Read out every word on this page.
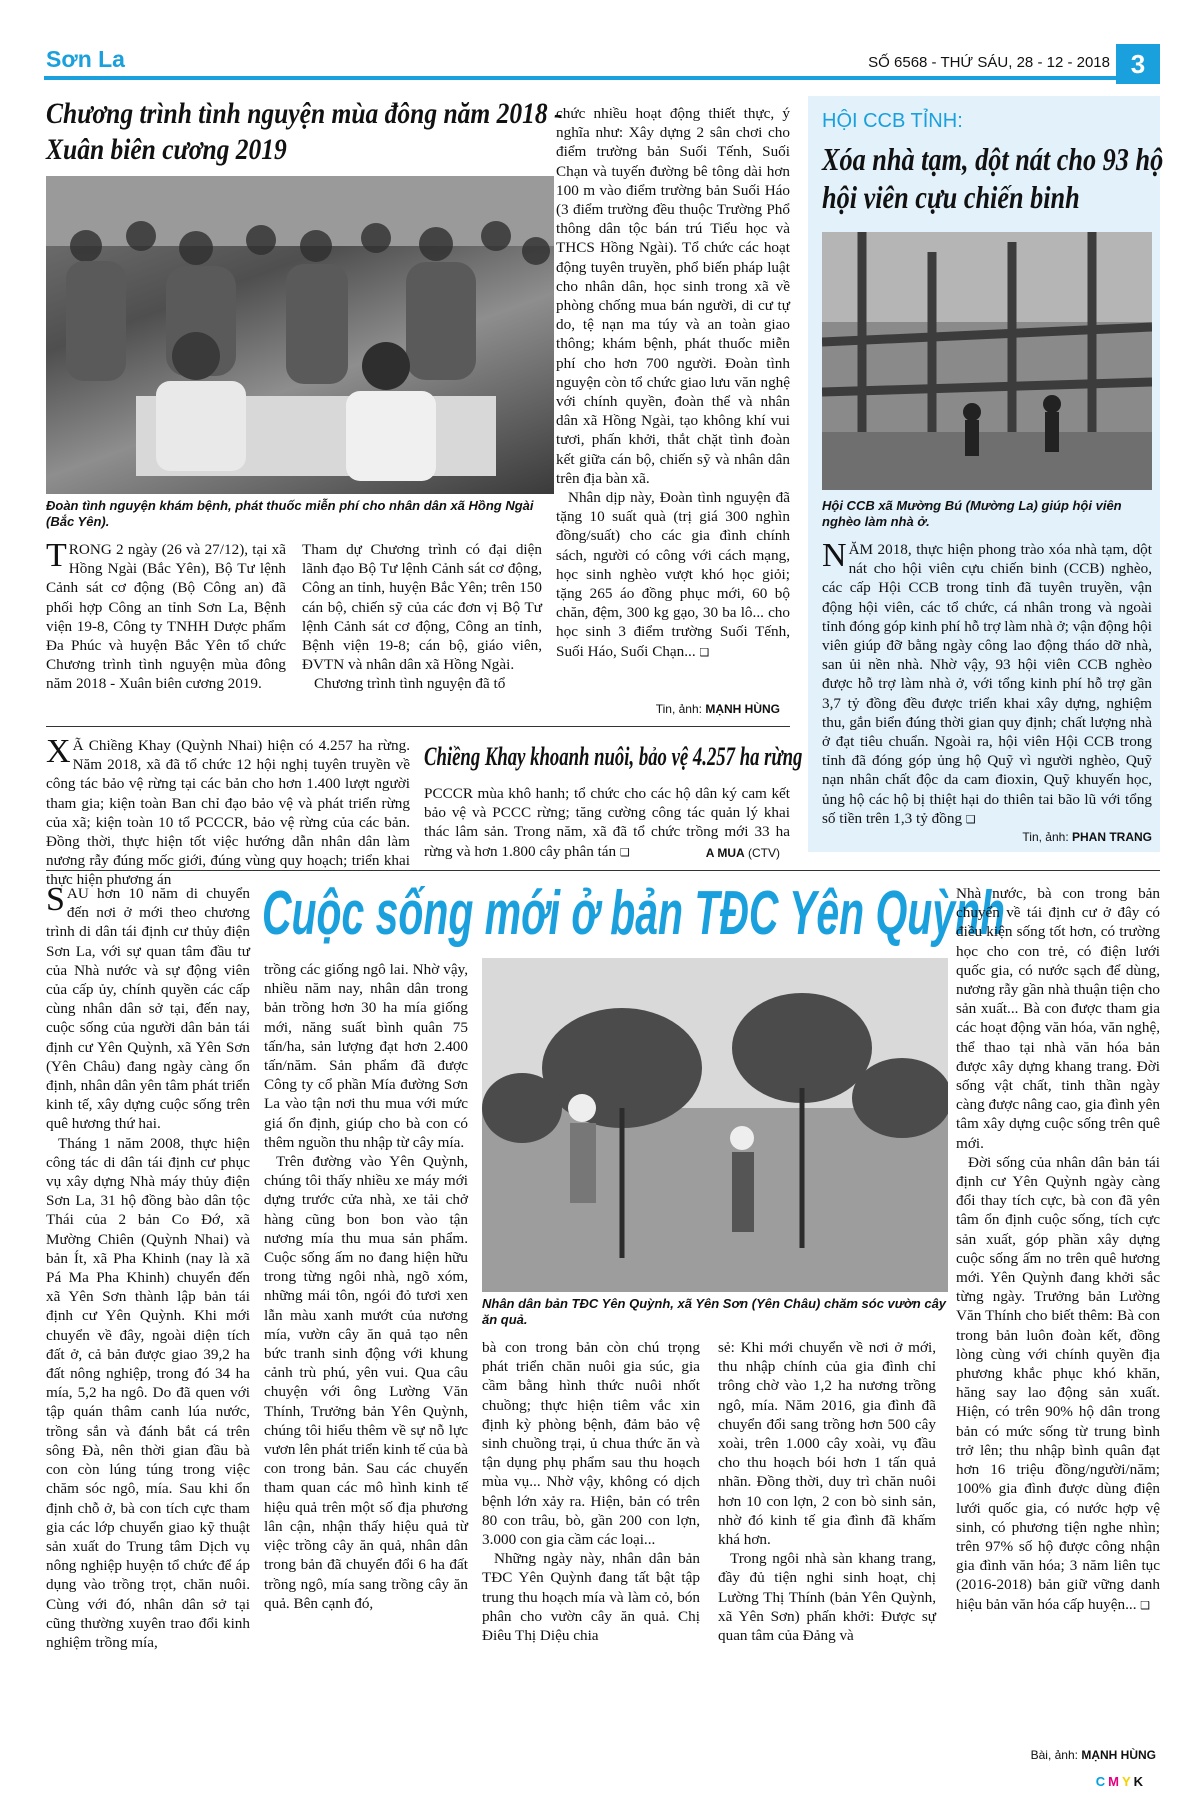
Sơn La	SỐ 6568 - THỨ SÁU, 28 - 12 - 2018 3
Chương trình tình nguyện mùa đông năm 2018 -
Xuân biên cương 2019
Đoàn tình nguyện khám bệnh, phát thuốc miễn phí cho nhân dân xã Hồng Ngài (Bắc Yên).

TRONG 2 ngày (26 và 27/12), tại xã Hồng Ngài (Bắc Yên), Bộ Tư lệnh Cảnh sát cơ động (Bộ Công an) đã phối hợp Công an tỉnh Sơn La, Bệnh viện 19-8, Công ty TNHH Dược phẩm Đa Phúc và huyện Bắc Yên tổ chức Chương trình tình nguyện mùa đông năm 2018 - Xuân biên cương 2019.

Tham dự Chương trình có đại diện lãnh đạo Bộ Tư lệnh Cảnh sát cơ động, Công an tỉnh, huyện Bắc Yên; trên 150 cán bộ, chiến sỹ của các đơn vị Bộ Tư lệnh Cảnh sát cơ động, Công an tỉnh, Bệnh viện 19-8; cán bộ, giáo viên, ĐVTN và nhân dân xã Hồng Ngài.

Chương trình tình nguyện đã tổ

chức nhiều hoạt động thiết thực, ý nghĩa như: Xây dựng 2 sân chơi cho điểm trường bản Suối Tếnh, Suối Chạn và tuyến đường bê tông dài hơn 100 m vào điểm trường bản Suối Háo (3 điểm trường đều thuộc Trường Phổ thông dân tộc bán trú Tiểu học và THCS Hồng Ngài). Tổ chức các hoạt động tuyên truyền, phổ biến pháp luật cho nhân dân, học sinh trong xã về phòng chống mua bán người, di cư tự do, tệ nạn ma túy và an toàn giao thông; khám bệnh, phát thuốc miễn phí cho hơn 700 người. Đoàn tình nguyện còn tổ chức giao lưu văn nghệ với chính quyền, đoàn thể và nhân dân xã Hồng Ngài, tạo không khí vui tươi, phấn khởi, thắt chặt tình đoàn kết giữa cán bộ, chiến sỹ và nhân dân trên địa bàn xã.

Nhân dịp này, Đoàn tình nguyện đã tặng 10 suất quà (trị giá 300 nghìn đồng/suất) cho các gia đình chính sách, người có công với cách mạng, học sinh nghèo vượt khó học giỏi; tặng 265 áo đồng phục mới, 60 bộ chăn, đệm, 300 kg gạo, 30 ba lô... cho học sinh 3 điểm trường Suối Tếnh, Suối Háo, Suối Chạn... ❑

Tin, ảnh: MẠNH HÙNG
HỘI CCB TỈNH:
Xóa nhà tạm, dột nát cho 93 hộ
hội viên cựu chiến binh
Hội CCB xã Mường Bú (Mường La) giúp hội viên nghèo làm nhà ở.

NĂM 2018, thực hiện phong trào xóa nhà tạm, dột nát cho hội viên cựu chiến binh (CCB) nghèo, các cấp Hội CCB trong tỉnh đã tuyên truyền, vận động hội viên, các tổ chức, cá nhân trong và ngoài tỉnh đóng góp kinh phí hỗ trợ làm nhà ở; vận động hội viên giúp đỡ bằng ngày công lao động tháo dỡ nhà, san ủi nền nhà. Nhờ vậy, 93 hội viên CCB nghèo được hỗ trợ làm nhà ở, với tổng kinh phí hỗ trợ gần 3,7 tỷ đồng đều được triển khai xây dựng, nghiệm thu, gắn biển đúng thời gian quy định; chất lượng nhà ở đạt tiêu chuẩn. Ngoài ra, hội viên Hội CCB trong tỉnh đã đóng góp ủng hộ Quỹ vì người nghèo, Quỹ nạn nhân chất độc da cam đioxin, Quỹ khuyến học, ủng hộ các hộ bị thiệt hại do thiên tai bão lũ với tổng số tiền trên 1,3 tỷ đồng ❑

Tin, ảnh: PHAN TRANG

X Ã Chiềng Khay (Quỳnh Nhai) hiện có 4.257 ha rừng. Năm 2018, xã đã tổ chức 12 hội nghị tuyên truyền về công tác bảo vệ rừng tại các bản cho hơn 1.400 lượt người tham gia; kiện toàn Ban chỉ đạo bảo vệ và phát triển rừng của xã; kiện toàn 10 tổ PCCCR, bảo vệ rừng của các bản. Đồng thời, thực hiện tốt việc hướng dẫn nhân dân làm nương rẫy đúng mốc giới, đúng vùng quy hoạch; triển khai thực hiện phương án

Chiềng Khay khoanh nuôi, bảo vệ 4.257 ha rừng

PCCCR mùa khô hanh; tổ chức cho các hộ dân ký cam kết bảo vệ và PCCC rừng; tăng cường công tác quản lý khai thác lâm sản. Trong năm, xã đã tổ chức trồng mới 33 ha rừng và hơn 1.800 cây phân tán ❑	A MUA (CTV)
Cuộc sống mới ở bản TĐC Yên Quỳnh

SAU hơn 10 năm di chuyển đến nơi ở mới theo chương trình di dân tái định cư thủy điện Sơn La, với sự quan tâm đầu tư của Nhà nước và sự động viên của cấp ủy, chính quyền các cấp cùng nhân dân sở tại, đến nay, cuộc sống của người dân bản tái định cư Yên Quỳnh, xã Yên Sơn (Yên Châu) đang ngày càng ổn định, nhân dân yên tâm phát triển kinh tế, xây dựng cuộc sống trên quê hương thứ hai.

Tháng 1 năm 2008, thực hiện công tác di dân tái định cư phục vụ xây dựng Nhà máy thủy điện Sơn La, 31 hộ đồng bào dân tộc Thái của 2 bản Co Đớ, xã Mường Chiên (Quỳnh Nhai) và bản Ít, xã Pha Khinh (nay là xã Pá Ma Pha Khinh) chuyển đến xã Yên Sơn thành lập bản tái định cư Yên Quỳnh. Khi mới chuyển về đây, ngoài diện tích đất ở, cả bản được giao 39,2 ha đất nông nghiệp, trong đó 34 ha mía, 5,2 ha ngô. Do đã quen với tập quán thâm canh lúa nước, trồng sắn và đánh bắt cá trên sông Đà, nên thời gian đầu bà con còn lúng túng trong việc chăm sóc ngô, mía. Sau khi ổn định chỗ ở, bà con tích cực tham gia các lớp chuyển giao kỹ thuật sản xuất do Trung tâm Dịch vụ nông nghiệp huyện tổ chức để áp dụng vào trồng trọt, chăn nuôi. Cùng với đó, nhân dân sở tại cũng thường xuyên trao đổi kinh nghiệm trồng mía,

trồng các giống ngô lai. Nhờ vậy, nhiều năm nay, nhân dân trong bản trồng hơn 30 ha mía giống mới, năng suất bình quân 75 tấn/ha, sản lượng đạt hơn 2.400 tấn/năm. Sản phẩm đã được Công ty cổ phần Mía đường Sơn La vào tận nơi thu mua với mức giá ổn định, giúp cho bà con có thêm nguồn thu nhập từ cây mía.

Trên đường vào Yên Quỳnh, chúng tôi thấy nhiều xe máy mới dựng trước cửa nhà, xe tải chở hàng cũng bon bon vào tận nương mía thu mua sản phẩm. Cuộc sống ấm no đang hiện hữu trong từng ngôi nhà, ngõ xóm, những mái tôn, ngói đỏ tươi xen lẫn màu xanh mướt của nương mía, vườn cây ăn quả tạo nên bức tranh sinh động với khung cảnh trù phú, yên vui. Qua câu chuyện với ông Lường Văn Thính, Trưởng bản Yên Quỳnh, chúng tôi hiểu thêm về sự nỗ lực vươn lên phát triển kinh tế của bà con trong bản. Sau các chuyến tham quan các mô hình kinh tế hiệu quả trên một số địa phương lân cận, nhận thấy hiệu quả từ việc trồng cây ăn quả, nhân dân trong bản đã chuyển đổi 6 ha đất trồng ngô, mía sang trồng cây ăn quả. Bên cạnh đó,

Nhân dân bản TĐC Yên Quỳnh, xã Yên Sơn (Yên Châu) chăm sóc vườn cây ăn quả.

bà con trong bản còn chú trọng phát triển chăn nuôi gia súc, gia cầm bằng hình thức nuôi nhốt chuồng; thực hiện tiêm vắc xin định kỳ phòng bệnh, đảm bảo vệ sinh chuồng trại, ủ chua thức ăn và tận dụng phụ phẩm sau thu hoạch mùa vụ... Nhờ vậy, không có dịch bệnh lớn xảy ra. Hiện, bản có trên 80 con trâu, bò, gần 200 con lợn, 3.000 con gia cầm các loại...

Những ngày này, nhân dân bản TĐC Yên Quỳnh đang tất bật tập trung thu hoạch mía và làm cỏ, bón phân cho vườn cây ăn quả. Chị Điêu Thị Diệu chia

sẻ: Khi mới chuyển về nơi ở mới, thu nhập chính của gia đình chỉ trông chờ vào 1,2 ha nương trồng ngô, mía. Năm 2016, gia đình đã chuyển đổi sang trồng hơn 500 cây xoài, trên 1.000 cây xoài, vụ đầu cho thu hoạch bói hơn 1 tấn quả nhãn. Đồng thời, duy trì chăn nuôi hơn 10 con lợn, 2 con bò sinh sản, nhờ đó kinh tế gia đình đã khấm khá hơn.

Trong ngôi nhà sàn khang trang, đầy đủ tiện nghi sinh hoạt, chị Lường Thị Thính (bản Yên Quỳnh, xã Yên Sơn) phấn khởi: Được sự quan tâm của Đảng và

Nhà nước, bà con trong bản chuyển về tái định cư ở đây có điều kiện sống tốt hơn, có trường học cho con trẻ, có điện lưới quốc gia, có nước sạch để dùng, nương rẫy gần nhà thuận tiện cho sản xuất... Bà con được tham gia các hoạt động văn hóa, văn nghệ, thể thao tại nhà văn hóa bản được xây dựng khang trang. Đời sống vật chất, tinh thần ngày càng được nâng cao, gia đình yên tâm xây dựng cuộc sống trên quê mới.

Đời sống của nhân dân bản tái định cư Yên Quỳnh ngày càng đổi thay tích cực, bà con đã yên tâm ổn định cuộc sống, tích cực sản xuất, góp phần xây dựng cuộc sống ấm no trên quê hương mới. Yên Quỳnh đang khởi sắc từng ngày. Trưởng bản Lường Văn Thính cho biết thêm: Bà con trong bản luôn đoàn kết, đồng lòng cùng với chính quyền địa phương khắc phục khó khăn, hăng say lao động sản xuất. Hiện, có trên 90% hộ dân trong bản có mức sống từ trung bình trở lên; thu nhập bình quân đạt hơn 16 triệu đồng/người/năm; 100% gia đình được dùng điện lưới quốc gia, có nước hợp vệ sinh, có phương tiện nghe nhìn; trên 97% số hộ được công nhận gia đình văn hóa; 3 năm liên tục (2016-2018) bản giữ vững danh hiệu bản văn hóa cấp huyện... ❑

Bài, ảnh: MẠNH HÙNG
CMYK
